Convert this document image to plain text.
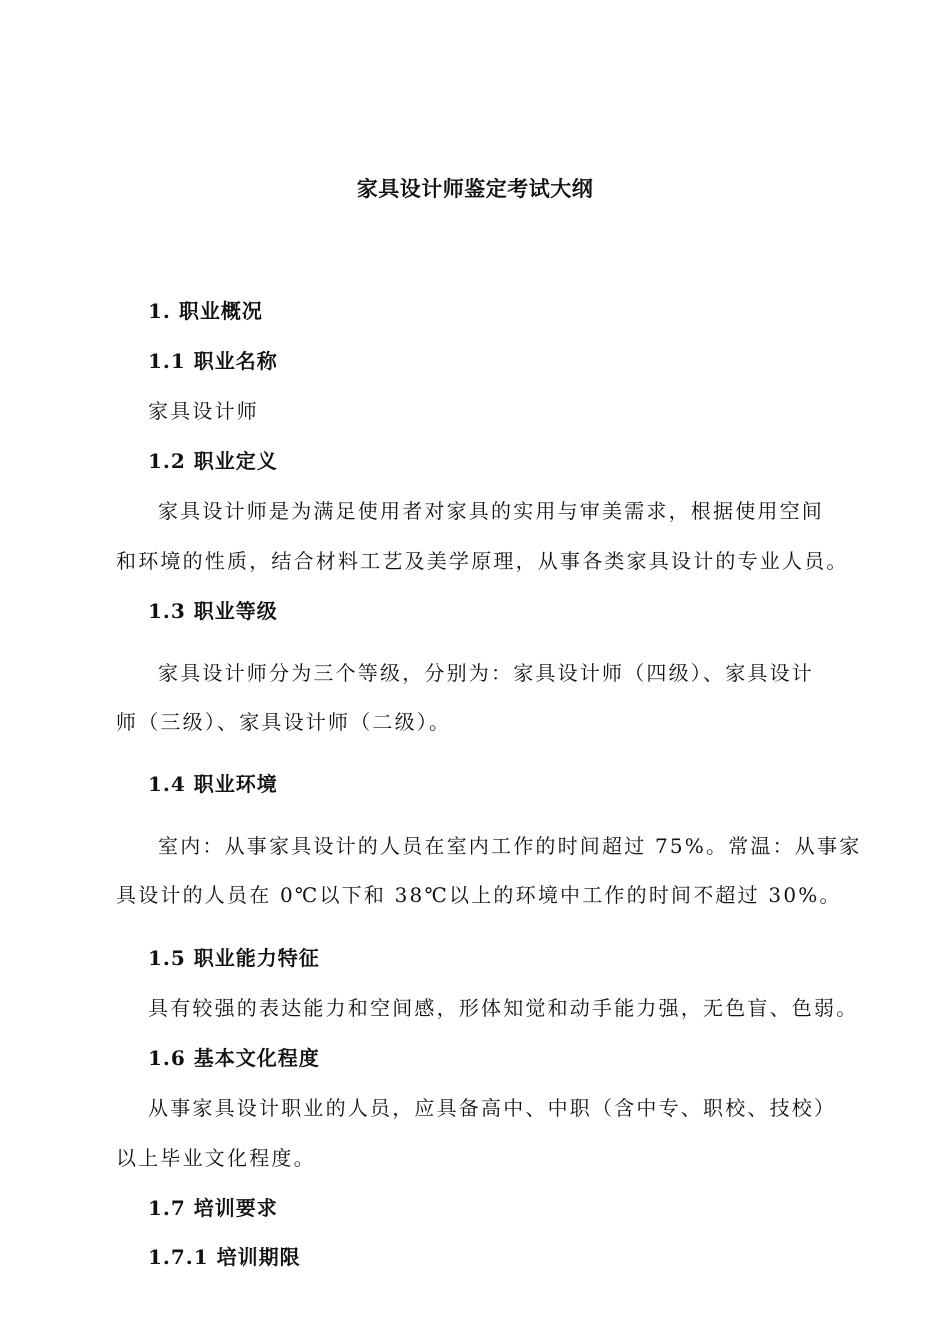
家具设计师鉴定考试大纲
1. 职业概况
1.1 职业名称
家具设计师
1.2 职业定义
家具设计师是为满足使用者对家具的实用与审美需求，根据使用空间
和环境的性质，结合材料工艺及美学原理，从事各类家具设计的专业人员。
1.3 职业等级
家具设计师分为三个等级，分别为：家具设计师（四级）、家具设计
师（三级）、家具设计师（二级）。
1.4 职业环境
室内：从事家具设计的人员在室内工作的时间超过 75%。常温：从事家
具设计的人员在 0℃以下和 38℃以上的环境中工作的时间不超过 30%。
1.5 职业能力特征
具有较强的表达能力和空间感，形体知觉和动手能力强，无色盲、色弱。
1.6 基本文化程度
从事家具设计职业的人员，应具备高中、中职（含中专、职校、技校）
以上毕业文化程度。
1.7 培训要求
1.7.1 培训期限
